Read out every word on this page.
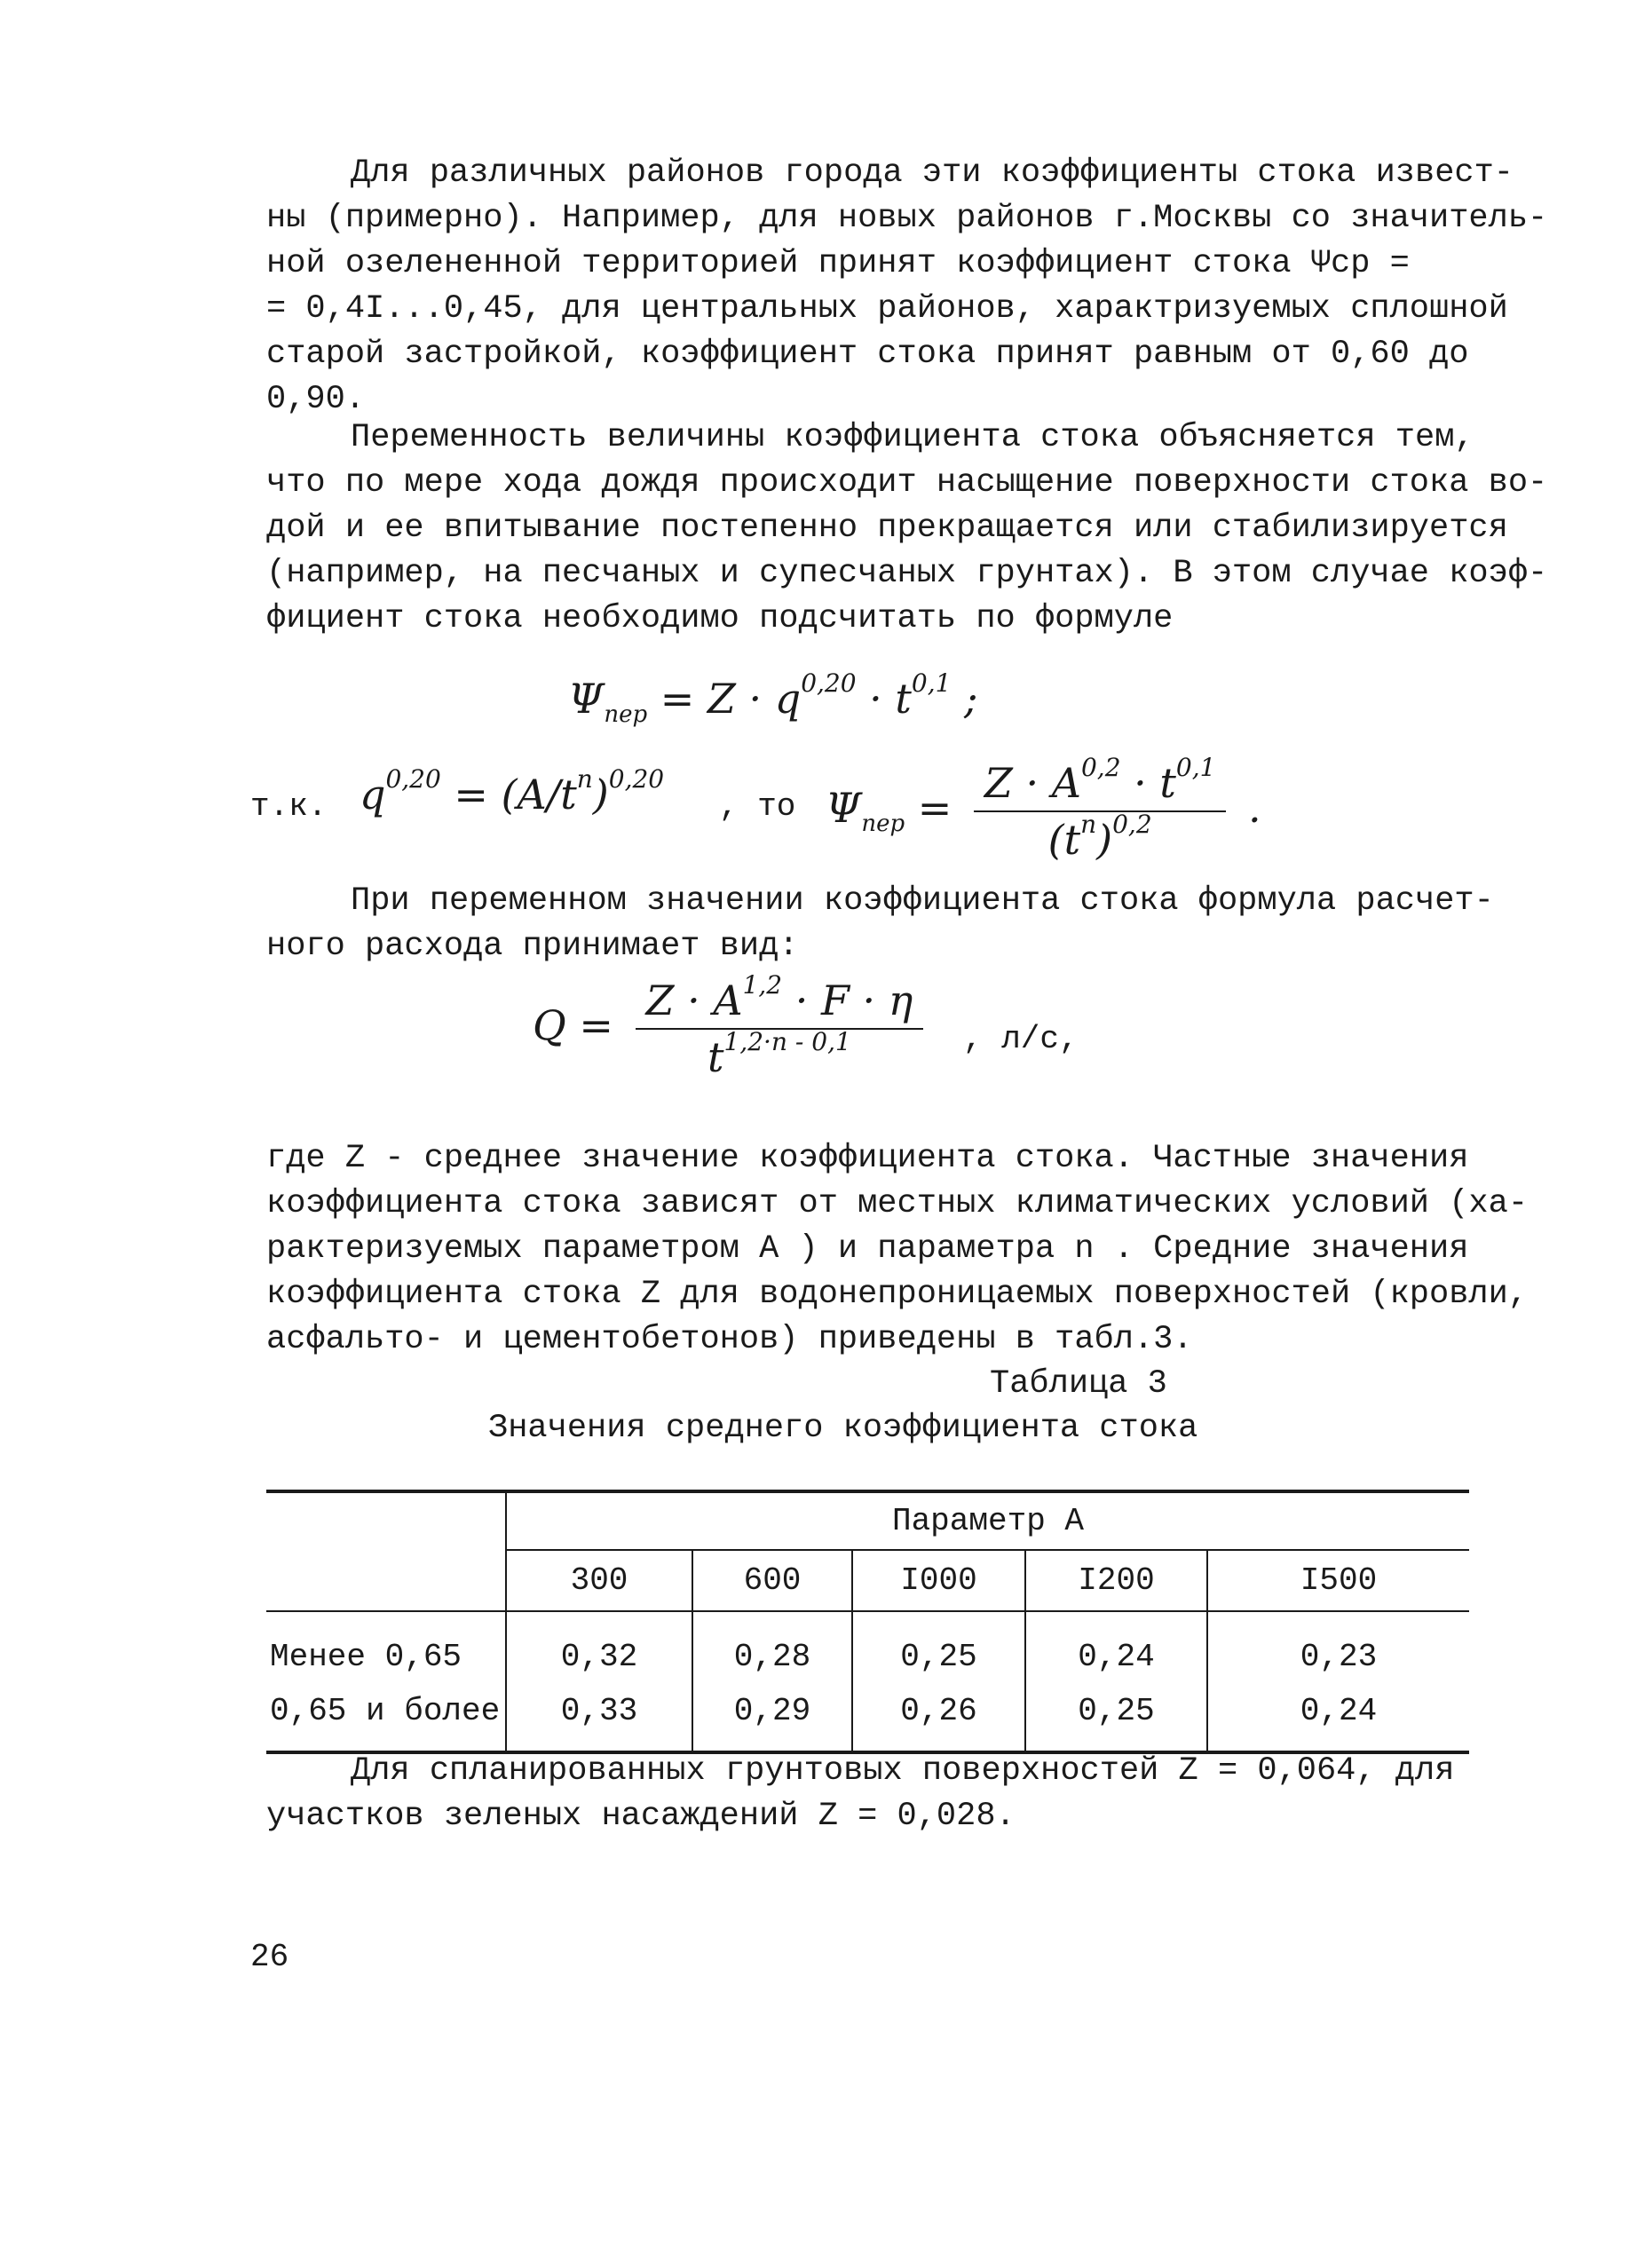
Для различных районов города эти коэффициенты стока извест-
ны (примерно). Например, для новых районов г.Москвы со значитель-
ной озелененной территорией принят коэффициент стока Ψср =
= 0,4I...0,45, для центральных районов, характризуемых сплошной
старой застройкой, коэффициент стока принят равным от 0,60 до
0,90.
Переменность величины коэффициента стока объясняется тем,
что по мере хода дождя происходит насыщение поверхности стока во-
дой и ее впитывание постепенно прекращается или стабилизируется
(например, на песчаных и супесчаных грунтах). В этом случае коэф-
фициент стока необходимо подсчитать по формуле
$\Psi_{пер} = Z \cdot q^{0,20} \cdot t^{0,1}$ ;
т.к. $q^{0,20} = (A/t^n)^{0,20}$
, то $\Psi_{пер} = \frac{Z \cdot A^{0,2} \cdot t^{0,1}}{(t^n)^{0,2}}$ .
При переменном значении коэффициента стока формула расчет-
ного расхода принимает вид:
$Q = \frac{Z \cdot A^{1,2} \cdot F \cdot \eta}{t^{1,2\cdot n - 0,1}}$ , л/с,
где Z - среднее значение коэффициента стока. Частные значения
коэффициента стока зависят от местных климатических условий (ха-
рактеризуемых параметром A ) и параметра n . Средние значения
коэффициента стока Z для водонепроницаемых поверхностей (кровли,
асфальто- и цементобетонов) приведены в табл.3.
Таблица 3
Значения среднего коэффициента стока
	Параметр A				
	300	600	I000	I200	I500
Менее 0,65	0,32	0,28	0,25	0,24	0,23
0,65 и более	0,33	0,29	0,26	0,25	0,24
Для спланированных грунтовых поверхностей Z = 0,064, для
участков зеленых насаждений Z = 0,028.
26
